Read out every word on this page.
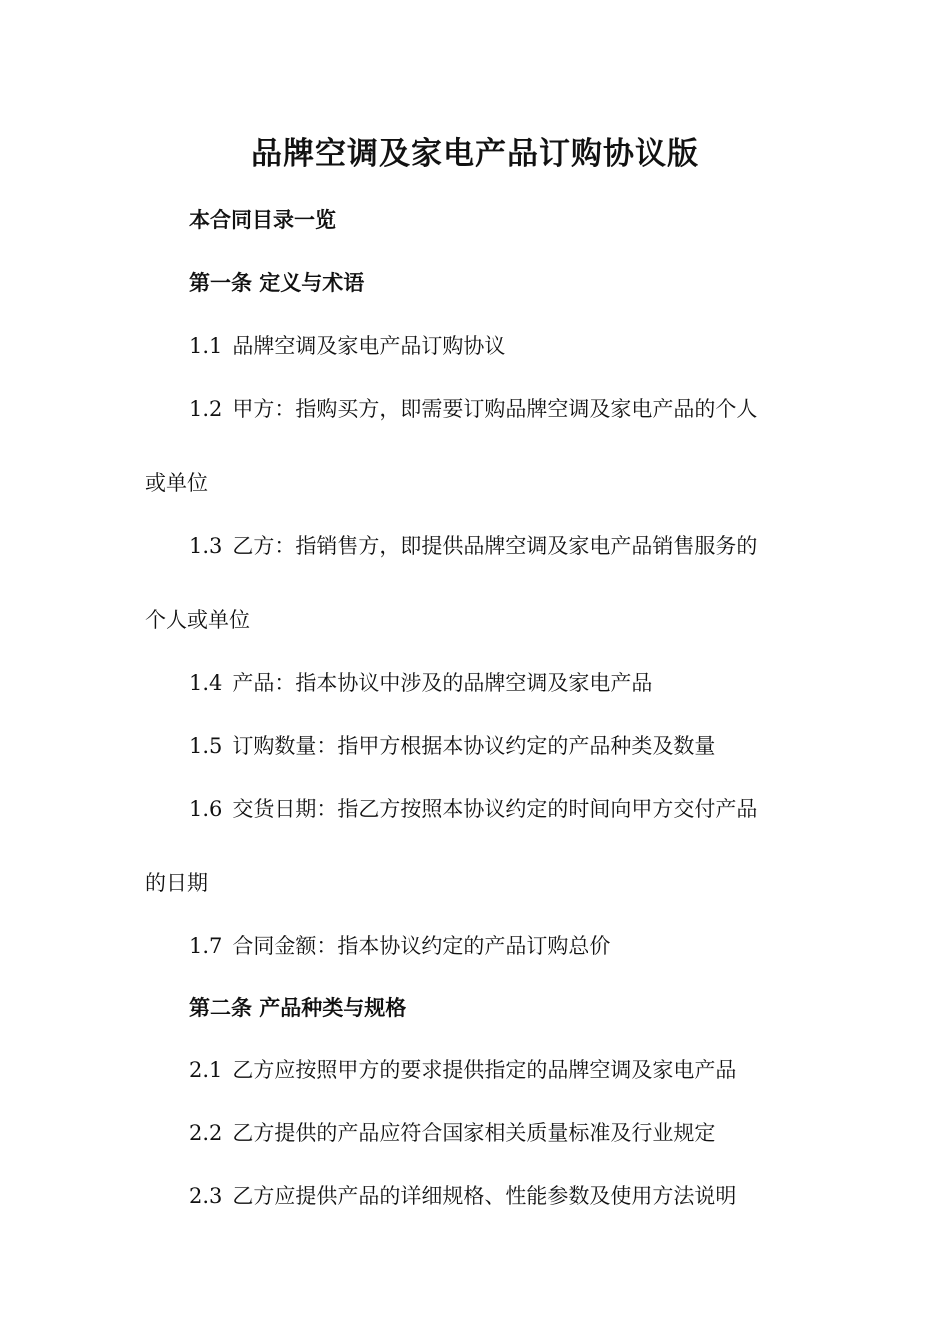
品牌空调及家电产品订购协议版
本合同目录一览
第一条 定义与术语
1.1 品牌空调及家电产品订购协议
1.2 甲方：指购买方，即需要订购品牌空调及家电产品的个人
或单位
1.3 乙方：指销售方，即提供品牌空调及家电产品销售服务的
个人或单位
1.4 产品：指本协议中涉及的品牌空调及家电产品
1.5 订购数量：指甲方根据本协议约定的产品种类及数量
1.6 交货日期：指乙方按照本协议约定的时间向甲方交付产品
的日期
1.7 合同金额：指本协议约定的产品订购总价
第二条 产品种类与规格
2.1 乙方应按照甲方的要求提供指定的品牌空调及家电产品
2.2 乙方提供的产品应符合国家相关质量标准及行业规定
2.3 乙方应提供产品的详细规格、性能参数及使用方法说明
